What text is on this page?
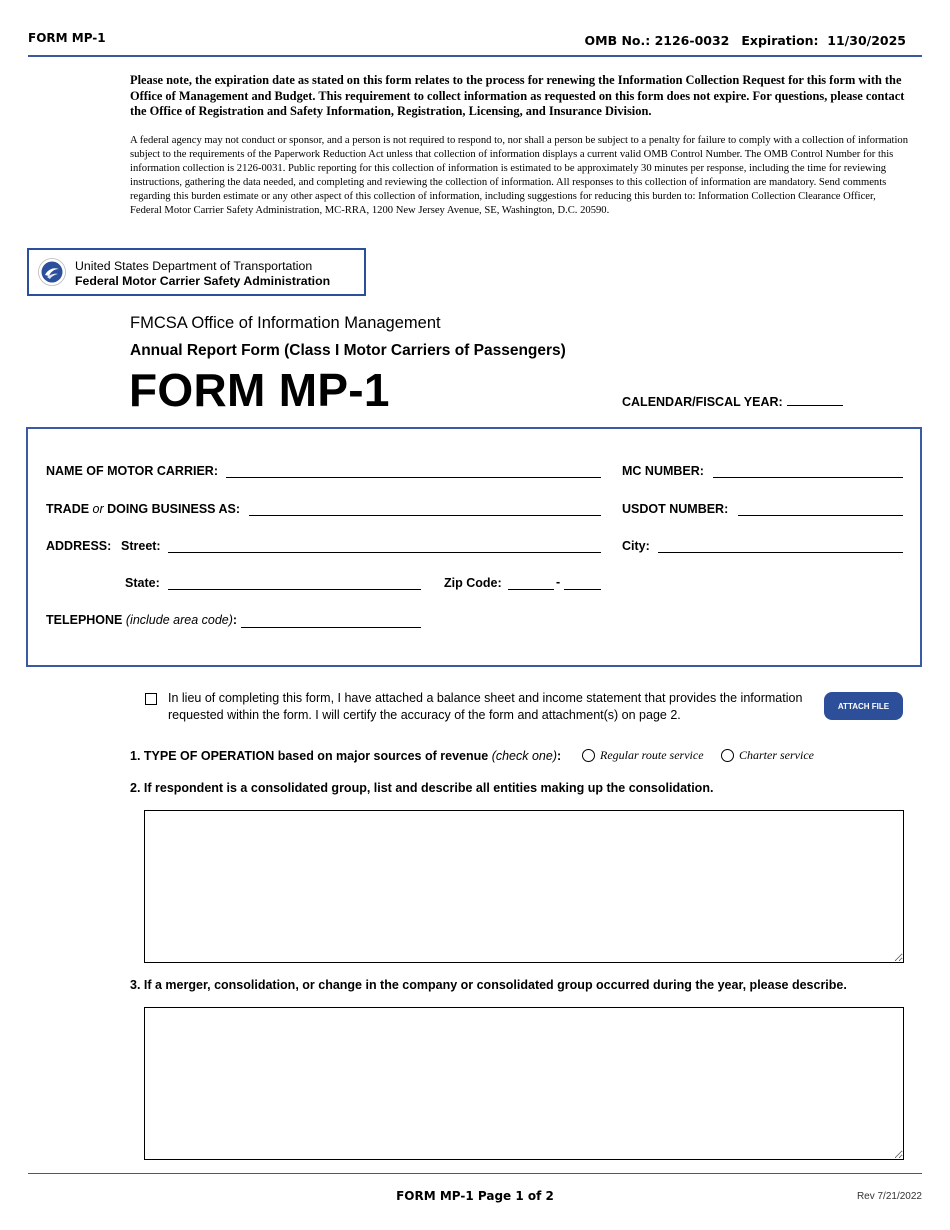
FORM MP-1	OMB No.: 2126-0032 Expiration: 11/30/2025
Please note, the expiration date as stated on this form relates to the process for renewing the Information Collection Request for this form with the Office of Management and Budget. This requirement to collect information as requested on this form does not expire. For questions, please contact the Office of Registration and Safety Information, Registration, Licensing, and Insurance Division.
A federal agency may not conduct or sponsor, and a person is not required to respond to, nor shall a person be subject to a penalty for failure to comply with a collection of information subject to the requirements of the Paperwork Reduction Act unless that collection of information displays a current valid OMB Control Number. The OMB Control Number for this information collection is 2126-0031. Public reporting for this collection of information is estimated to be approximately 30 minutes per response, including the time for reviewing instructions, gathering the data needed, and completing and reviewing the collection of information. All responses to this collection of information are mandatory. Send comments regarding this burden estimate or any other aspect of this collection of information, including suggestions for reducing this burden to: Information Collection Clearance Officer, Federal Motor Carrier Safety Administration, MC-RRA, 1200 New Jersey Avenue, SE, Washington, D.C. 20590.
United States Department of Transportation
Federal Motor Carrier Safety Administration
FMCSA Office of Information Management
Annual Report Form (Class I Motor Carriers of Passengers)
FORM MP-1	CALENDAR/FISCAL YEAR:
NAME OF MOTOR CARRIER:	MC NUMBER:
TRADE or DOING BUSINESS AS:	USDOT NUMBER:
ADDRESS: Street:	City:
State:	Zip Code:	-
TELEPHONE (include area code):
In lieu of completing this form, I have attached a balance sheet and income statement that provides the information requested within the form. I will certify the accuracy of the form and attachment(s) on page 2.
ATTACH FILE
1. TYPE OF OPERATION based on major sources of revenue (check one):	Regular route service	Charter service
2. If respondent is a consolidated group, list and describe all entities making up the consolidation.
3. If a merger, consolidation, or change in the company or consolidated group occurred during the year, please describe.
FORM MP-1 Page 1 of 2	Rev 7/21/2022
